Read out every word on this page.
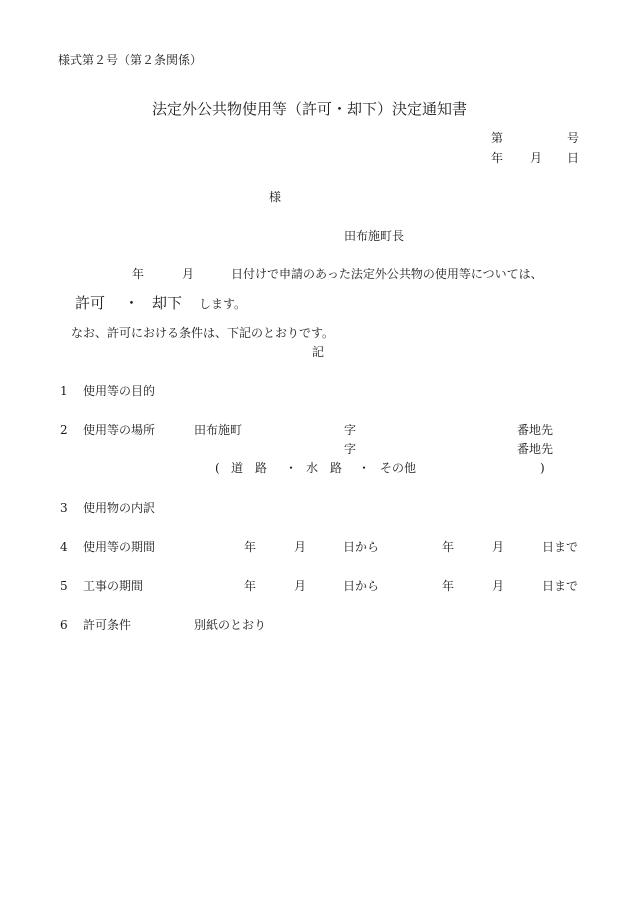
様式第２号（第２条関係）
法定外公共物使用等（許可・却下）決定通知書
第	号
年 月 日
様
田布施町長
年	月	日付けで申請のあった法定外公共物の使用等については、
許可 ・ 却下 します。
なお、許可における条件は、下記のとおりです。
記
1 使用等の目的
2 使用等の場所	田布施町	字	番地先
字	番地先
( 道　路 ・ 水　路 ・ その他	)
3 使用物の内訳
4 使用等の期間	年	月	日から	年	月	日まで
5 工事の期間	年	月	日から	年	月	日まで
6 許可条件	別紙のとおり
